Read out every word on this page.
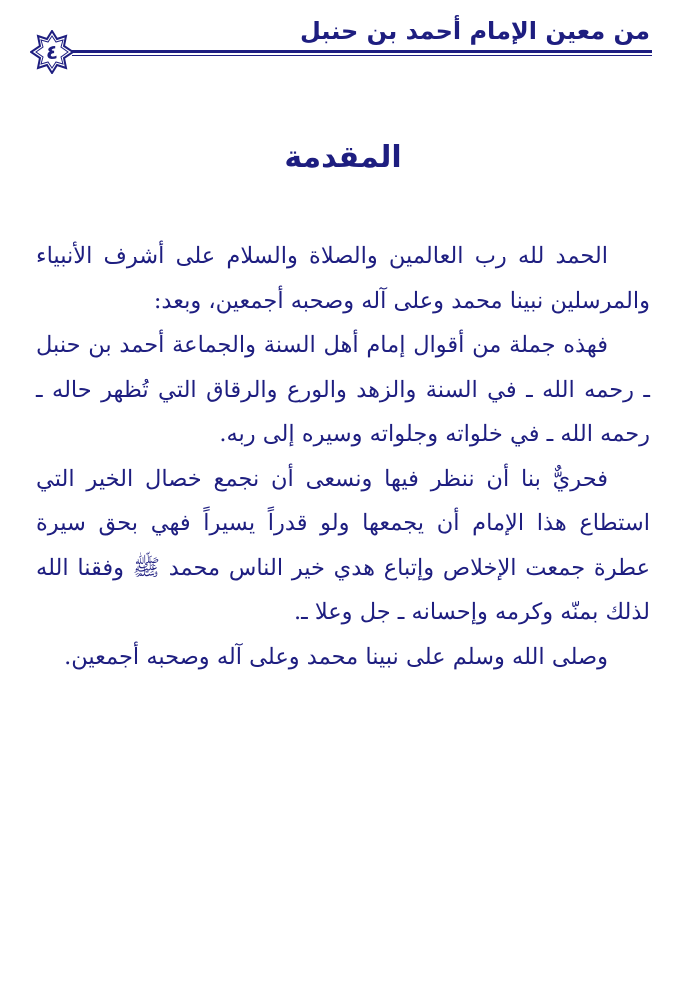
من معين الإمام أحمد بن حنبل
٤
المقدمة

الحمد لله رب العالمين والصلاة والسلام على أشرف الأنبياء والمرسلين نبينا محمد وعلى آله وصحبه أجمعين، وبعد:

فهذه جملة من أقوال إمام أهل السنة والجماعة أحمد بن حنبل ـ رحمه الله ـ في السنة والزهد والورع والرقاق التي تُظهر حاله ـ رحمه الله ـ في خلواته وجلواته وسيره إلى ربه.

فحريٌّ بنا أن ننظر فيها ونسعى أن نجمع خصال الخير التي استطاع هذا الإمام أن يجمعها ولو قدراً يسيراً فهي بحق سيرة عطرة جمعت الإخلاص وإتباع هدي خير الناس محمد ﷺ وفقنا الله لذلك بمنّه وكرمه وإحسانه ـ جل وعلا ـ.

وصلى الله وسلم على نبينا محمد وعلى آله وصحبه أجمعين.
